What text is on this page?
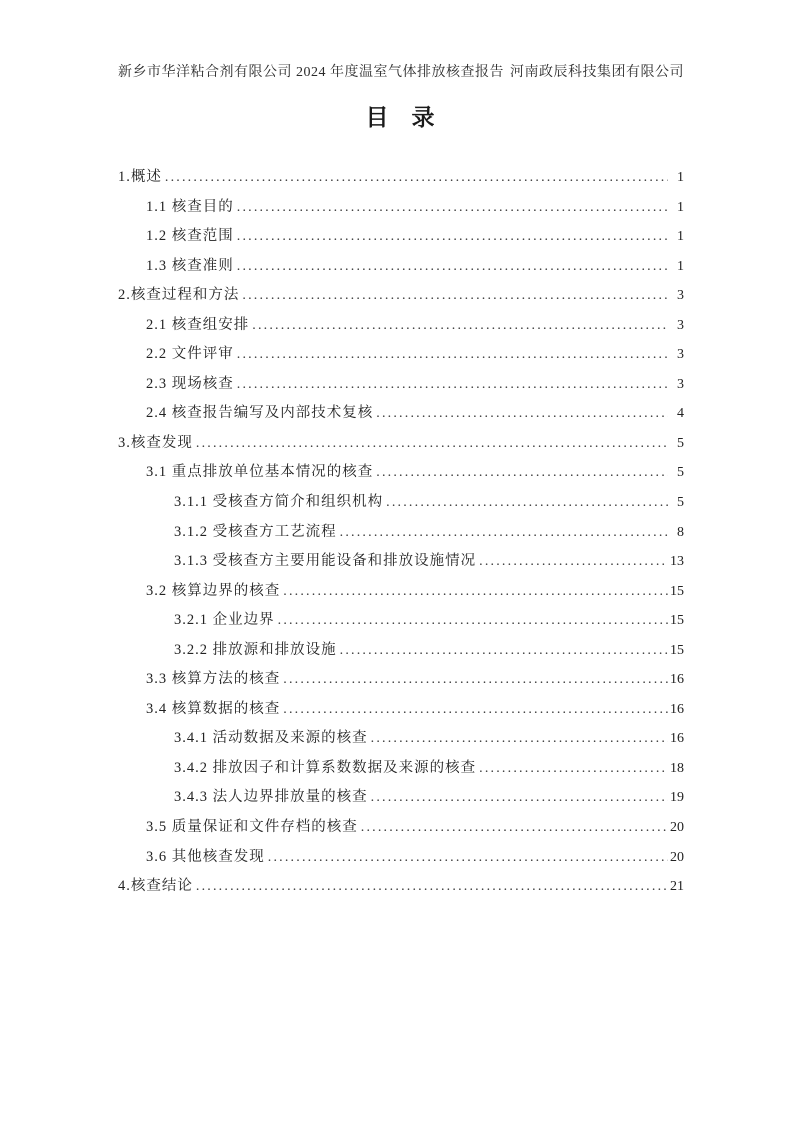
新乡市华洋粘合剂有限公司 2024 年度温室气体排放核查报告 河南政辰科技集团有限公司
目　录
1.概述 .....	1
1.1 核查目的 .....	1
1.2 核查范围 .....	1
1.3 核查准则 .....	1
2.核查过程和方法 .....	3
2.1 核查组安排 .....	3
2.2 文件评审 .....	3
2.3 现场核查 .....	3
2.4 核查报告编写及内部技术复核 .....	4
3.核查发现 .....	5
3.1 重点排放单位基本情况的核查 .....	5
3.1.1 受核查方简介和组织机构 .....	5
3.1.2 受核查方工艺流程 .....	8
3.1.3 受核查方主要用能设备和排放设施情况 .....	13
3.2 核算边界的核查 .....	15
3.2.1 企业边界 .....	15
3.2.2 排放源和排放设施 .....	15
3.3 核算方法的核查 .....	16
3.4 核算数据的核查 .....	16
3.4.1 活动数据及来源的核查 .....	16
3.4.2 排放因子和计算系数数据及来源的核查 .....	18
3.4.3 法人边界排放量的核查 .....	19
3.5 质量保证和文件存档的核查 .....	20
3.6 其他核查发现 .....	20
4.核查结论 .....	21
